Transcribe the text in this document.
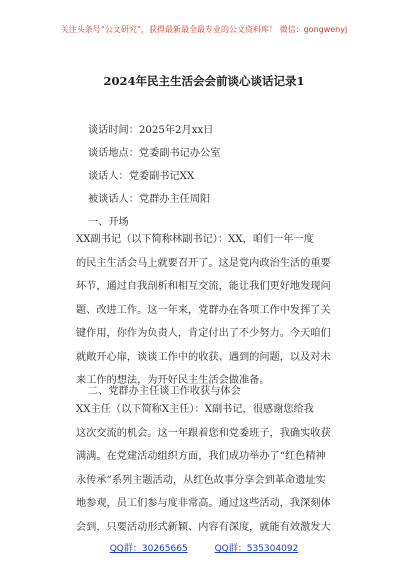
关注头条号“公文研究”，获得最新最全最专业的公文资料库！ 微信：gongwenyj
2024年民主生活会会前谈心谈话记录1
谈话时间：2025年2月xx日
谈话地点：党委副书记办公室
谈话人：党委副书记XX
被谈话人：党群办主任周阳
一、开场
XX副书记（以下简称林副书记）：XX，咱们一年一度
的民主生活会马上就要召开了。这是党内政治生活的重要
环节，通过自我剖析和相互交流，能让我们更好地发现问
题、改进工作。这一年来，党群办在各项工作中发挥了关
键作用，你作为负责人，肯定付出了不少努力。今天咱们
就敞开心扉，谈谈工作中的收获、遇到的问题，以及对未
来工作的想法，为开好民主生活会做准备。
二、党群办主任谈工作收获与体会
XX主任（以下简称X主任）：X副书记，很感谢您给我
这次交流的机会。这一年跟着您和党委班子，我确实收获
满满。在党建活动组织方面，我们成功举办了“红色精神
永传承”系列主题活动，从红色故事分享会到革命遗址实
地参观，员工们参与度非常高。通过这些活动，我深刻体
会到，只要活动形式新颖、内容有深度，就能有效激发大
QQ群：30265665	QQ群：535304092
